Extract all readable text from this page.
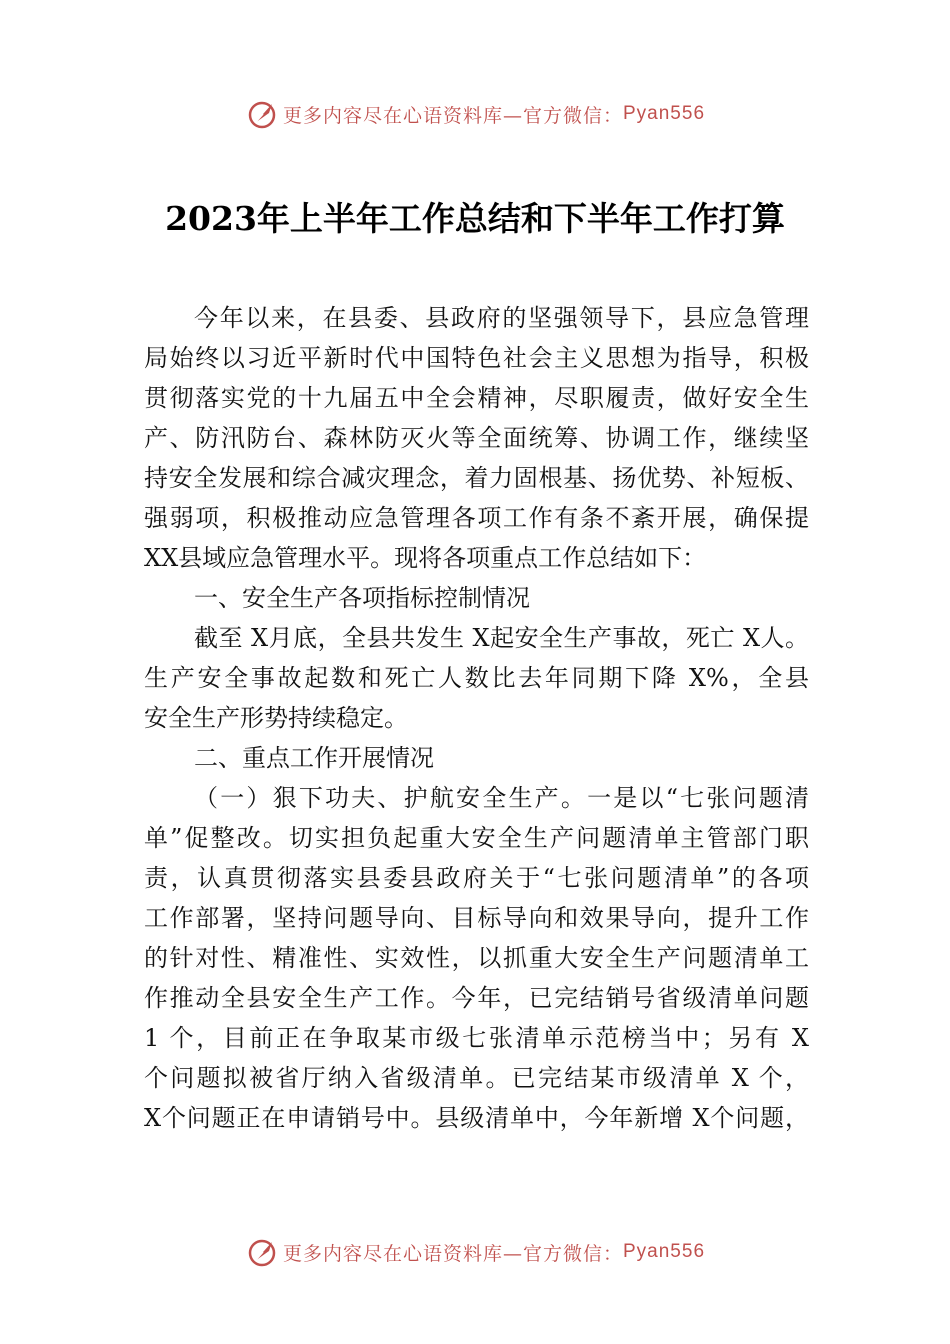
更多内容尽在心语资料库—官方微信： Pyan556
2023年上半年工作总结和下半年工作打算
今年以来，在县委、县政府的坚强领导下，县应急管理
局始终以习近平新时代中国特色社会主义思想为指导，积极
贯彻落实党的十九届五中全会精神，尽职履责，做好安全生
产、防汛防台、森林防灭火等全面统筹、协调工作，继续坚
持安全发展和综合减灾理念，着力固根基、扬优势、补短板、
强弱项，积极推动应急管理各项工作有条不紊开展，确保提
XX县域应急管理水平。现将各项重点工作总结如下：
一、安全生产各项指标控制情况
截至 X月底，全县共发生 X起安全生产事故，死亡 X人。
生产安全事故起数和死亡人数比去年同期下降 X%，全县
安全生产形势持续稳定。
二、重点工作开展情况
（一）狠下功夫、护航安全生产。一是以“七张问题清
单”促整改。切实担负起重大安全生产问题清单主管部门职
责，认真贯彻落实县委县政府关于“七张问题清单”的各项
工作部署，坚持问题导向、目标导向和效果导向，提升工作
的针对性、精准性、实效性，以抓重大安全生产问题清单工
作推动全县安全生产工作。今年，已完结销号省级清单问题
1 个，目前正在争取某市级七张清单示范榜当中；另有 X
个问题拟被省厅纳入省级清单。已完结某市级清单 X 个，
X个问题正在申请销号中。县级清单中，今年新增 X个问题，
更多内容尽在心语资料库—官方微信： Pyan556
